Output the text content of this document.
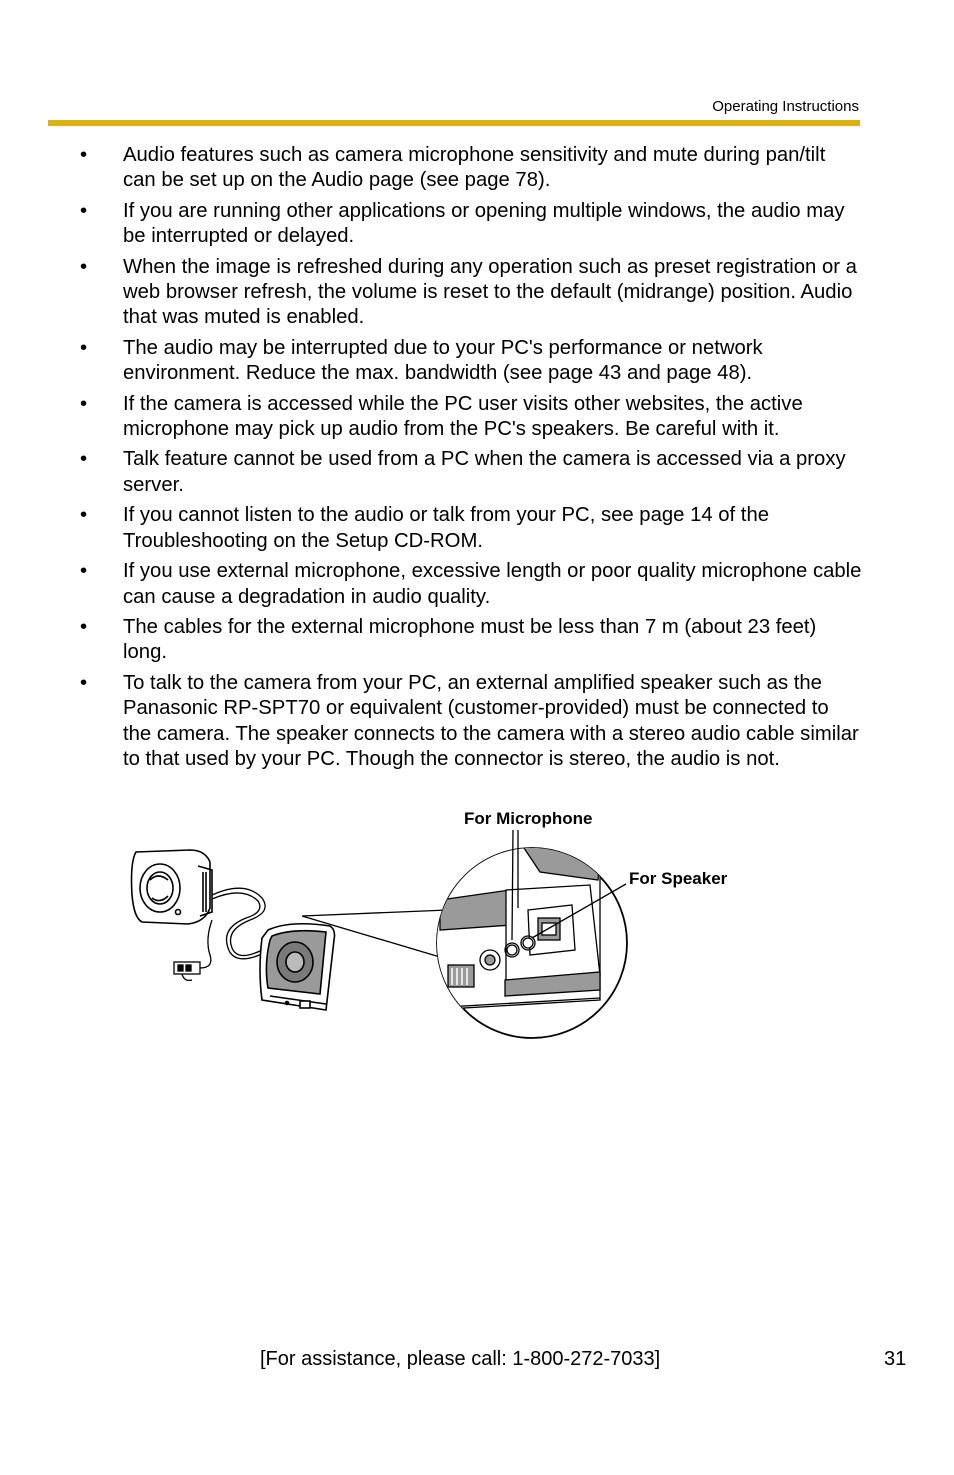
Operating Instructions
• Audio features such as camera microphone sensitivity and mute during pan/tilt can be set up on the Audio page (see page 78).
• If you are running other applications or opening multiple windows, the audio may be interrupted or delayed.
• When the image is refreshed during any operation such as preset registration or a web browser refresh, the volume is reset to the default (midrange) position. Audio that was muted is enabled.
• The audio may be interrupted due to your PC's performance or network environment. Reduce the max. bandwidth (see page 43 and page 48).
• If the camera is accessed while the PC user visits other websites, the active microphone may pick up audio from the PC's speakers. Be careful with it.
• Talk feature cannot be used from a PC when the camera is accessed via a proxy server.
• If you cannot listen to the audio or talk from your PC, see page 14 of the Troubleshooting on the Setup CD-ROM.
• If you use external microphone, excessive length or poor quality microphone cable can cause a degradation in audio quality.
• The cables for the external microphone must be less than 7 m (about 23 feet) long.
• To talk to the camera from your PC, an external amplified speaker such as the Panasonic RP-SPT70 or equivalent (customer-provided) must be connected to the camera. The speaker connects to the camera with a stereo audio cable similar to that used by your PC. Though the connector is stereo, the audio is not.
For Microphone
For Speaker
[For assistance, please call: 1-800-272-7033]	31
